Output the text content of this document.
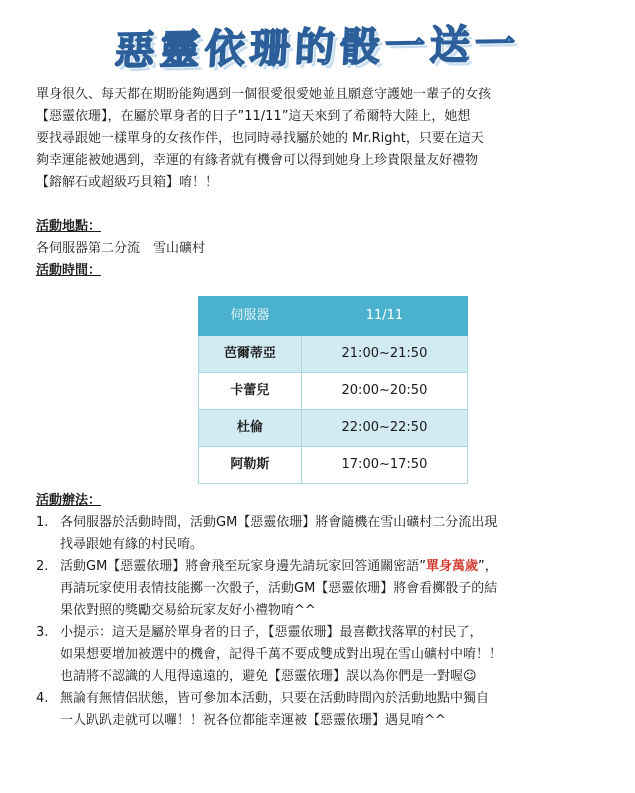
惡靈依珊的骰一送一

單身很久、每天都在期盼能夠遇到一個很愛很愛她並且願意守護她一輩子的女孩
【惡靈依珊】，在屬於單身者的日子”11/11”這天來到了希爾特大陸上，她想
要找尋跟她一樣單身的女孩作伴，也同時尋找屬於她的 Mr.Right，只要在這天
夠幸運能被她遇到，幸運的有緣者就有機會可以得到她身上珍貴限量友好禮物
【鎔解石或超級巧貝箱】唷！！

活動地點：
各伺服器第二分流　雪山礦村
活動時間：
伺服器	11/11
芭爾蒂亞	21:00~21:50
卡蕾兒	20:00~20:50
杜倫	22:00~22:50
阿勒斯	17:00~17:50
活動辦法：
各伺服器於活動時間，活動GM【惡靈依珊】將會隨機在雪山礦村二分流出現
找尋跟她有緣的村民唷。
活動GM【惡靈依珊】將會飛至玩家身邊先請玩家回答通關密語”單身萬歲”，
再請玩家使用表情技能擲一次骰子，活動GM【惡靈依珊】將會看擲骰子的結
果依對照的獎勵交易給玩家友好小禮物唷^^
小提示：這天是屬於單身者的日子，【惡靈依珊】最喜歡找落單的村民了，
如果想要增加被選中的機會，記得千萬不要成雙成對出現在雪山礦村中唷！！
也請將不認識的人甩得遠遠的，避免【惡靈依珊】誤以為你們是一對喔☺
無論有無情侶狀態，皆可參加本活動，只要在活動時間內於活動地點中獨自
一人趴趴走就可以囉！！祝各位都能幸運被【惡靈依珊】遇見唷^^
